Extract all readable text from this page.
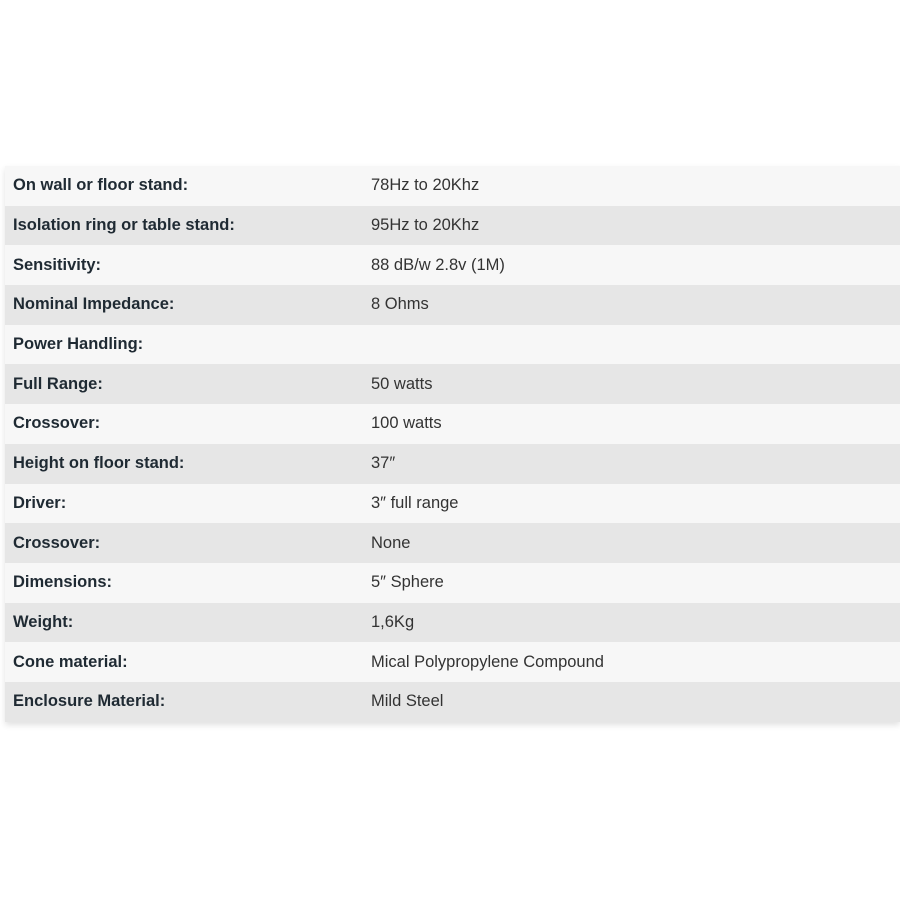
On wall or floor stand:	78Hz to 20Khz
Isolation ring or table stand:	95Hz to 20Khz
Sensitivity:	88 dB/w 2.8v (1M)
Nominal Impedance:	8 Ohms
Power Handling:	
Full Range:	50 watts
Crossover:	100 watts
Height on floor stand:	37″
Driver:	3″ full range
Crossover:	None
Dimensions:	5″ Sphere
Weight:	1,6Kg
Cone material:	Mical Polypropylene Compound
Enclosure Material:	Mild Steel
